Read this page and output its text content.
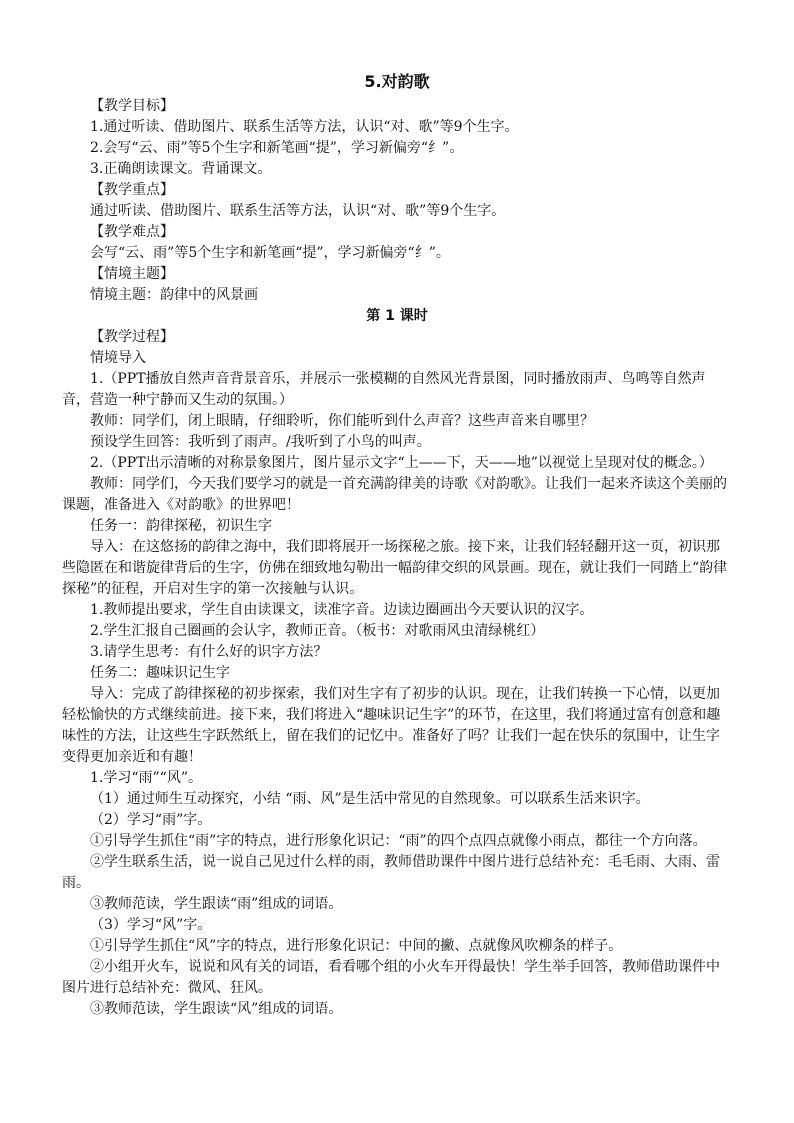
5.对韵歌

【教学目标】

1.通过听读、借助图片、联系生活等方法，认识“对、歌”等9个生字。

2.会写“云、雨”等5个生字和新笔画“提”，学习新偏旁“纟”。

3.正确朗读课文。背诵课文。

【教学重点】

通过听读、借助图片、联系生活等方法，认识“对、歌”等9个生字。

【教学难点】

会写“云、雨”等5个生字和新笔画“提”，学习新偏旁“纟”。

【情境主题】

情境主题：韵律中的风景画

第 1 课时

【教学过程】

情境导入

1.（PPT播放自然声音背景音乐，并展示一张模糊的自然风光背景图，同时播放雨声、鸟鸣等自然声音，营造一种宁静而又生动的氛围。）

教师：同学们，闭上眼睛，仔细聆听，你们能听到什么声音？这些声音来自哪里？

预设学生回答：我听到了雨声。/我听到了小鸟的叫声。

2.（PPT出示清晰的对称景象图片，图片显示文字“上——下，天——地”以视觉上呈现对仗的概念。）

教师：同学们，今天我们要学习的就是一首充满韵律美的诗歌《对韵歌》。让我们一起来齐读这个美丽的课题，准备进入《对韵歌》的世界吧！

任务一：韵律探秘，初识生字

导入：在这悠扬的韵律之海中，我们即将展开一场探秘之旅。接下来，让我们轻轻翻开这一页，初识那些隐匿在和谐旋律背后的生字，仿佛在细致地勾勒出一幅韵律交织的风景画。现在，就让我们一同踏上“韵律探秘”的征程，开启对生字的第一次接触与认识。

1.教师提出要求，学生自由读课文，读准字音。边读边圈画出今天要认识的汉字。

2.学生汇报自己圈画的会认字，教师正音。（板书：对歌雨风虫清绿桃红）

3.请学生思考：有什么好的识字方法？

任务二：趣味识记生字

导入：完成了韵律探秘的初步探索，我们对生字有了初步的认识。现在，让我们转换一下心情，以更加轻松愉快的方式继续前进。接下来，我们将进入“趣味识记生字”的环节，在这里，我们将通过富有创意和趣味性的方法，让这些生字跃然纸上，留在我们的记忆中。准备好了吗？让我们一起在快乐的氛围中，让生字变得更加亲近和有趣！

1.学习“雨”“风”。

（1）通过师生互动探究，小结 “雨、风”是生活中常见的自然现象。可以联系生活来识字。

（2）学习“雨”字。

①引导学生抓住“雨”字的特点，进行形象化识记：“雨”的四个点四点就像小雨点，都往一个方向落。

②学生联系生活，说一说自己见过什么样的雨，教师借助课件中图片进行总结补充：毛毛雨、大雨、雷雨。

③教师范读，学生跟读“雨”组成的词语。

（3）学习“风”字。

①引导学生抓住“风”字的特点，进行形象化识记：中间的撇、点就像风吹柳条的样子。

②小组开火车，说说和风有关的词语，看看哪个组的小火车开得最快！学生举手回答，教师借助课件中图片进行总结补充：微风、狂风。

③教师范读，学生跟读“风”组成的词语。
